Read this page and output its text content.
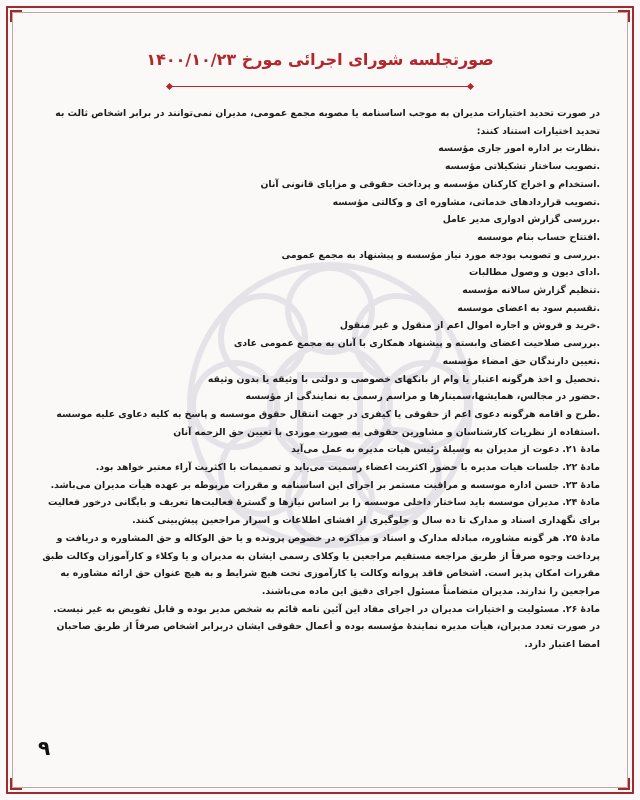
صورتجلسه شورای اجرائی مورخ ۱۴۰۰/۱۰/۲۳

در صورت تحدید اختیارات مدیران به موجب اساسنامه یا مصوبه مجمع عمومی، مدیران نمی‌توانند در برابر اشخاص ثالث به تحدید اختیارات استناد کنند:

.نظارت بر اداره امور جاری مؤسسه

.تصویب ساختار تشکیلاتی مؤسسه

.استخدام و اخراج کارکنان مؤسسه و پرداخت حقوقی و مزایای قانونی آنان

.تصویب قراردادهای خدماتی، مشاوره ای و وکالتی مؤسسه

.بررسی گزارش ادواری مدیر عامل

.افتتاح حساب بنام موسسه

.بررسی و تصویب بودجه مورد نیاز مؤسسه و پیشنهاد به مجمع عمومی

.ادای دیون و وصول مطالبات

.تنظیم گزارش سالانه مؤسسه

.تقسیم سود به اعضای موسسه

.خرید و فروش و اجاره اموال اعم از منقول و غیر منقول

.بررسی صلاحیت اعضای وابسته و پیشنهاد همکاری با آنان به مجمع عمومی عادی

.تعیین دارندگان حق امضاء مؤسسه

.تحصیل و اخذ هرگونه اعتبار یا وام از بانکهای خصوصی و دولتی با وثیقه یا بدون وثیقه

.حضور در مجالس، همایشها،سمینارها و مراسم رسمی به نمایندگی از مؤسسه

.طرح و اقامه هرگونه دعوی اعم از حقوقی یا کیفری در جهت انتقال حقوق موسسه و پاسخ به کلیه دعاوی علیه موسسه

.استفاده از نظریات کارشناسان و مشاورین حقوقی به صورت موردی با تعیین حق الزحمه آنان

مادهٔ ۲۱. دعوت از مدیران به وسیلهٔ رئیس هیات مدیره به عمل می‌آید

مادهٔ ۲۲. جلسات هیات مدیره با حضور اکثریت اعضاء رسمیت می‌یابد و تصمیمات با اکثریت آراء معتبر خواهد بود.

مادهٔ ۲۳. حسن اداره موسسه و مراقبت مستمر بر اجرای این اساسنامه و مقررات مربوطه بر عهده هیأت مدیران می‌باشد.

مادهٔ ۲۴. مدیران موسسه باید ساختار داخلی موسسه را بر اساس نیازها و گسترهٔ فعالیت‌ها تعریف و بایگانی درخور فعالیت برای نگهداری اسناد و مدارک تا ده سال و جلوگیری از افشای اطلاعات و اسرار مراجعین پیش‌بینی کنند.

مادهٔ ۲۵. هر گونه مشاوره، مبادله مدارک و اسناد و مذاکره در خصوص پرونده و یا حق الوکاله و حق المشاوره و دریافت و پرداخت وجوه صرفاً از طریق مراجعه مستقیم مراجعین یا وکلای رسمی ایشان به مدیران و یا وکلاء و کارآموزان وکالت طبق مقررات امکان پذیر است. اشخاص فاقد پروانه وکالت یا کارآموزی تحت هیچ شرایط و به هیچ عنوان حق ارائه مشاوره به مراجعین را ندارند. مدیران متضامناً مسئول اجرای دقیق این ماده می‌باشند.

مادهٔ ۲۶. مسئولیت و اختیارات مدیران در اجرای مفاد این آئین نامه قائم به شخص مدیر بوده و قابل تفویض به غیر نیست. در صورت تعدد مدیران، هیأت مدیره نمایندهٔ مؤسسه بوده و أعمال حقوقی ایشان دربرابر اشخاص صرفاً از طریق صاحبان امضا اعتبار دارد.

۹
